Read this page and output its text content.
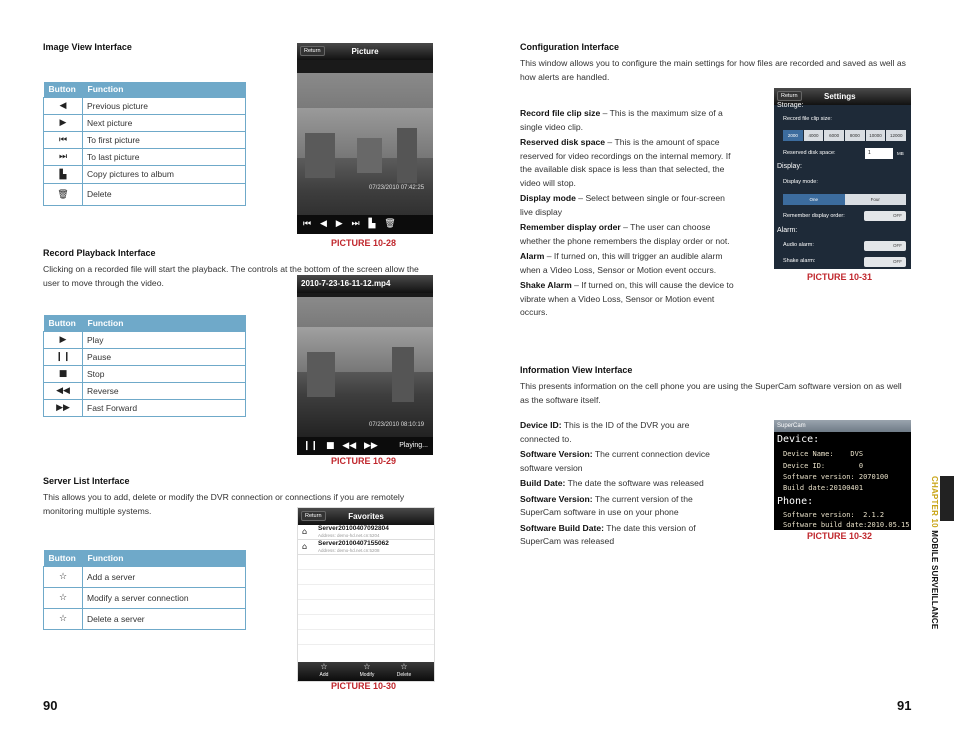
Image View Interface
Button	Function
◀	Previous picture
▶	Next picture
⏮	To first picture
⏭	To last picture
▙	Copy pictures to album
🗑	Delete
Return	Picture
07/23/2010 07:42:25
⏮ ◀ ▶ ⏭ ▙ 🗑
PICTURE 10-28
Record Playback Interface
Clicking on a recorded file will start the playback. The controls at the bottom of the screen allow the user to move through the video.
Button	Function
▶	Play
❙❙	Pause
■	Stop
◀◀	Reverse
▶▶	Fast Forward
2010-7-23-16-11-12.mp4
07/23/2010 08:10:19
❙❙ ■ ◀◀ ▶▶	Playing...
PICTURE 10-29
Server List Interface
This allows you to add, delete or modify the DVR connection or connections if you are remotely monitoring multiple systems.
Button	Function
☆	Add a server
☆	Modify a server connection
☆	Delete a server
Return	Favorites
⌂ Server20100407092804
Address: demo-hd.net.cn:5204
⌂ Server20100407155062
Address: demo-hd.net.cn:5208
☆
Add
☆
Modify
☆
Delete
PICTURE 10-30
90
Configuration Interface
This window allows you to configure the main settings for how files are recorded and saved as well as how alerts are handled.
Record file clip size – This is the maximum size of a single video clip.
Reserved disk space – This is the amount of space reserved for video recordings on the internal memory. If the available disk space is less than that selected, the video will stop.
Display mode – Select between single or four-screen live display
Remember display order – The user can choose whether the phone remembers the display order or not.
Alarm – If turned on, this will trigger an audible alarm when a Video Loss, Sensor or Motion event occurs.
Shake Alarm – If turned on, this will cause the device to vibrate when a Video Loss, Sensor or Motion event occurs.
Return	Settings
Storage:
Record file clip size:
2000	4000	6000	8000	10000	12000
Reserved disk space:	1	MB
Display:
Display mode:
One	Four
Remember display order:	OFF
Alarm:
Audio alarm:	OFF
Shake alarm:	OFF
PICTURE 10-31
Information View Interface
This presents information on the cell phone you are using the SuperCam software version on as well as the software itself.
Device ID: This is the ID of the DVR you are connected to.
Software Version: The current connection device software version
Build Date: The date the software was released
Software Version: The current version of the SuperCam software in use on your phone
Software Build Date: The date this version of SuperCam was released
SuperCam
Device:
Device Name:    DVS
Device ID:        0
Software version: 2070100
Build date:20100401
Phone:
Software version:  2.1.2
Software build date:2010.05.15
PICTURE 10-32
CHAPTER 10 MOBILE SURVEILLANCE
91
